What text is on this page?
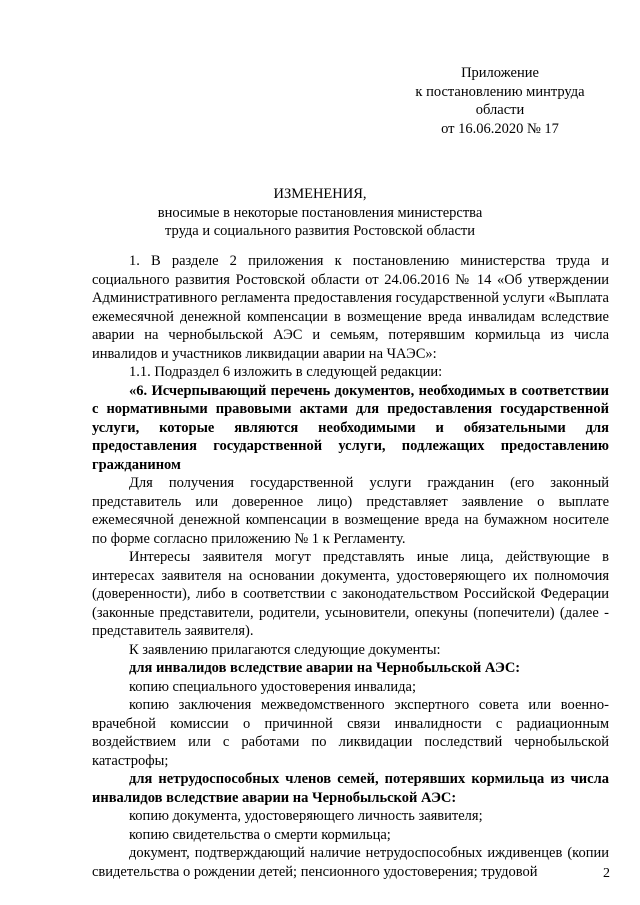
Приложение
к постановлению минтруда
области
от 16.06.2020 № 17
ИЗМЕНЕНИЯ,
вносимые в некоторые постановления министерства
труда и социального развития Ростовской области

1. В разделе 2 приложения к постановлению министерства труда и социального развития Ростовской области от 24.06.2016 № 14 «Об утверждении Административного регламента предоставления государственной услуги «Выплата ежемесячной денежной компенсации в возмещение вреда инвалидам вследствие аварии на чернобыльской АЭС и семьям, потерявшим кормильца из числа инвалидов и участников ликвидации аварии на ЧАЭС»:

1.1. Подраздел 6 изложить в следующей редакции:

«6. Исчерпывающий перечень документов, необходимых в соответствии с нормативными правовыми актами для предоставления государственной услуги, которые являются необходимыми и обязательными для предоставления государственной услуги, подлежащих предоставлению гражданином

Для получения государственной услуги гражданин (его законный представитель или доверенное лицо) представляет заявление о выплате ежемесячной денежной компенсации в возмещение вреда на бумажном носителе по форме согласно приложению № 1 к Регламенту.

Интересы заявителя могут представлять иные лица, действующие в интересах заявителя на основании документа, удостоверяющего их полномочия (доверенности), либо в соответствии с законодательством Российской Федерации (законные представители, родители, усыновители, опекуны (попечители) (далее - представитель заявителя).

К заявлению прилагаются следующие документы:

для инвалидов вследствие аварии на Чернобыльской АЭС:

копию специального удостоверения инвалида;

копию заключения межведомственного экспертного совета или военно-врачебной комиссии о причинной связи инвалидности с радиационным воздействием или с работами по ликвидации последствий чернобыльской катастрофы;

для нетрудоспособных членов семей, потерявших кормильца из числа инвалидов вследствие аварии на Чернобыльской АЭС:

копию документа, удостоверяющего личность заявителя;

копию свидетельства о смерти кормильца;

документ, подтверждающий наличие нетрудоспособных иждивенцев (копии свидетельства о рождении детей; пенсионного удостоверения; трудовой	2
